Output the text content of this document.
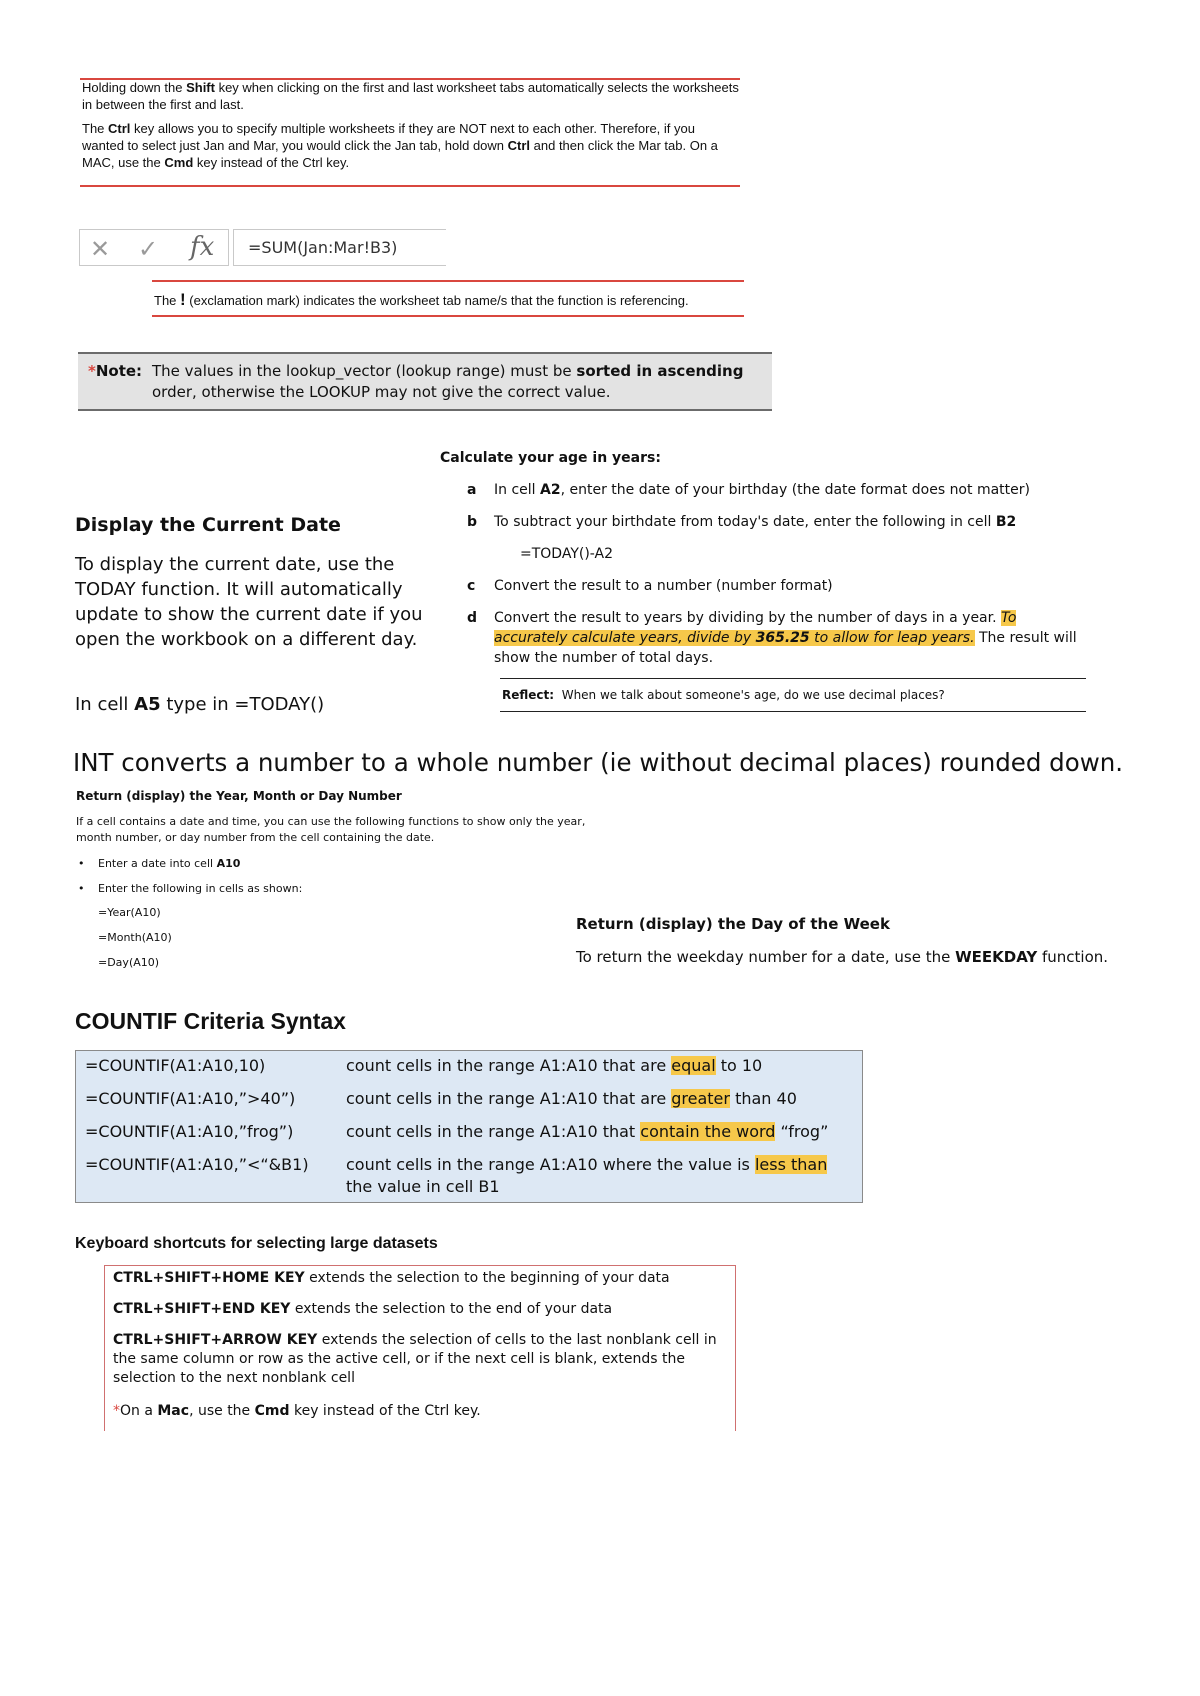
Holding down the Shift key when clicking on the first and last worksheet tabs automatically selects the worksheets in between the first and last.

The Ctrl key allows you to specify multiple worksheets if they are NOT next to each other. Therefore, if you wanted to select just Jan and Mar, you would click the Jan tab, hold down Ctrl and then click the Mar tab. On a MAC, use the Cmd key instead of the Ctrl key.

✕ ✓ fx	=SUM(Jan:Mar!B3)
The ! (exclamation mark) indicates the worksheet tab name/s that the function is referencing.
*Note: The values in the lookup_vector (lookup range) must be sorted in ascending order, otherwise the LOOKUP may not give the correct value.
Calculate your age in years:
a	In cell A2, enter the date of your birthday (the date format does not matter)
b	To subtract your birthdate from today's date, enter the following in cell B2
=TODAY()-A2
c	Convert the result to a number (number format)
d	Convert the result to years by dividing by the number of days in a year. To accurately calculate years, divide by 365.25 to allow for leap years. The result will show the number of total days.
Reflect: When we talk about someone's age, do we use decimal places?
Display the Current Date
To display the current date, use the TODAY function. It will automatically update to show the current date if you open the workbook on a different day.
In cell A5 type in =TODAY()
INT converts a number to a whole number (ie without decimal places) rounded down.
Return (display) the Year, Month or Day Number
If a cell contains a date and time, you can use the following functions to show only the year, month number, or day number from the cell containing the date.
• Enter a date into cell A10
• Enter the following in cells as shown:
=Year(A10)
=Month(A10)
=Day(A10)
Return (display) the Day of the Week
To return the weekday number for a date, use the WEEKDAY function.
COUNTIF Criteria Syntax
=COUNTIF(A1:A10,10)	count cells in the range A1:A10 that are equal to 10
=COUNTIF(A1:A10,”>40”)	count cells in the range A1:A10 that are greater than 40
=COUNTIF(A1:A10,”frog”)	count cells in the range A1:A10 that contain the word “frog”
=COUNTIF(A1:A10,”<“&B1) count cells in the range A1:A10 where the value is less than the value in cell B1
Keyboard shortcuts for selecting large datasets

CTRL+SHIFT+HOME KEY extends the selection to the beginning of your data

CTRL+SHIFT+END KEY extends the selection to the end of your data

CTRL+SHIFT+ARROW KEY extends the selection of cells to the last nonblank cell in the same column or row as the active cell, or if the next cell is blank, extends the selection to the next nonblank cell

*On a Mac, use the Cmd key instead of the Ctrl key.
